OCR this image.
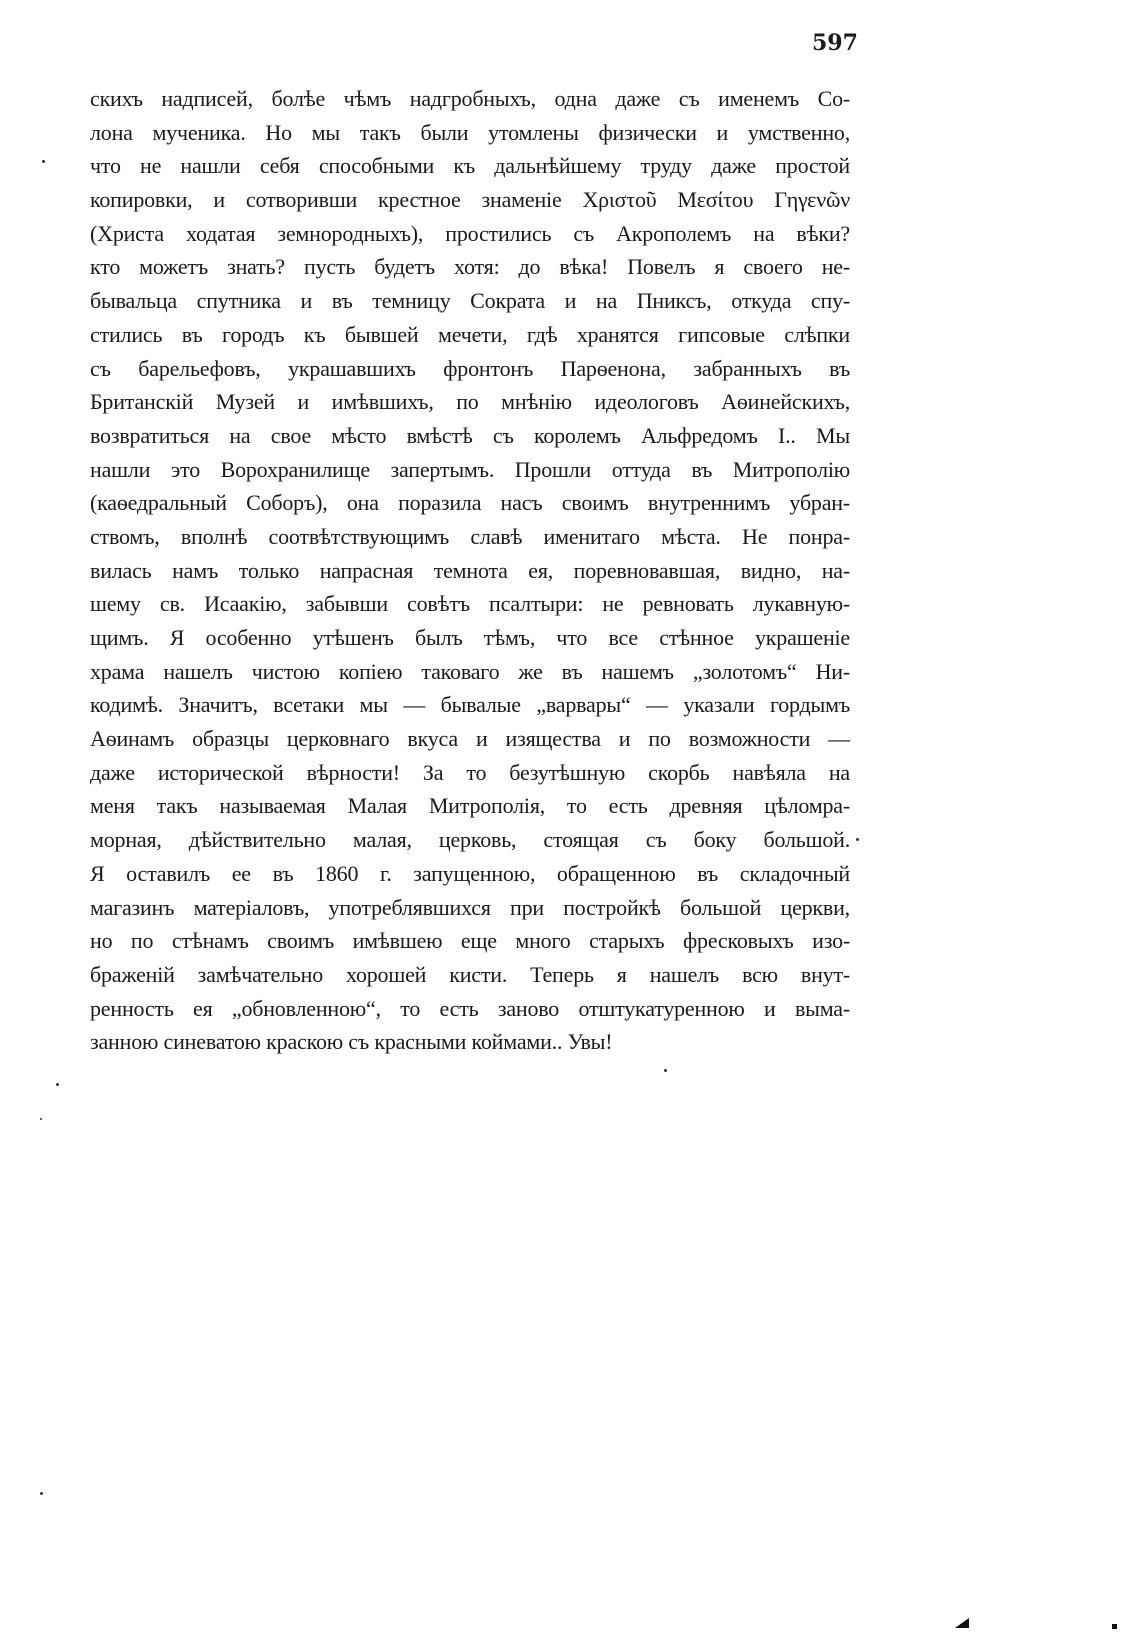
597
скихъ надписей, болѣе чѣмъ надгробныхъ, одна даже съ именемъ Со-
лона мученика. Но мы такъ были утомлены физически и умственно,
что не нашли себя способными къ дальнѣйшему труду даже простой
копировки, и сотворивши крестное знаменіе Χριστοῦ Μεσίτου Γηγενῶν
(Христа ходатая земнородныхъ), простились съ Акрополемъ на вѣки?
кто можетъ знать? пусть будетъ хотя: до вѣка! Повелъ я своего не-
бывальца спутника и въ темницу Сократа и на Пниксъ, откуда спу-
стились въ городъ къ бывшей мечети, гдѣ хранятся гипсовые слѣпки
съ барельефовъ, украшавшихъ фронтонъ Парѳенона, забранныхъ въ
Британскій Музей и имѣвшихъ, по мнѣнію идеологовъ Аѳинейскихъ,
возвратиться на свое мѣсто вмѣстѣ съ королемъ Альфредомъ I.. Мы
нашли это Ворохранилище запертымъ. Прошли оттуда въ Митрополію
(каѳедральный Соборъ), она поразила насъ своимъ внутреннимъ убран-
ствомъ, вполнѣ соотвѣтствующимъ славѣ именитаго мѣста. Не понра-
вилась намъ только напрасная темнота ея, поревновавшая, видно, на-
шему св. Исаакію, забывши совѣтъ псалтыри: не ревновать лукавную-
щимъ. Я особенно утѣшенъ былъ тѣмъ, что все стѣнное украшеніе
храма нашелъ чистою копіею таковаго же въ нашемъ „золотомъ“ Ни-
кодимѣ. Значитъ, всетаки мы — бывалые „варвары“ — указали гордымъ
Аѳинамъ образцы церковнаго вкуса и изящества и по возможности —
даже исторической вѣрности! За то безутѣшную скорбь навѣяла на
меня такъ называемая Малая Митрополія, то есть древняя цѣломра-
морная, дѣйствительно малая, церковь, стоящая съ боку большой.
Я оставилъ ее въ 1860 г. запущенною, обращенною въ складочный
магазинъ матеріаловъ, употреблявшихся при постройкѣ большой церкви,
но по стѣнамъ своимъ имѣвшею еще много старыхъ фресковыхъ изо-
браженій замѣчательно хорошей кисти. Теперь я нашелъ всю внут-
ренность ея „обновленною“, то есть заново отштукатуренною и выма-
занною синеватою краскою съ красными коймами.. Увы!
